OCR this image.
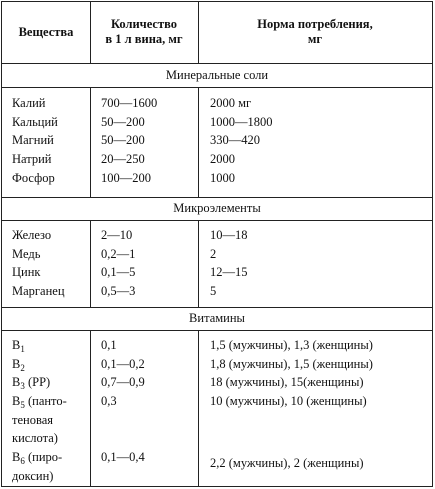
Вещества
Количество
в 1 л вина, мг
Норма потребления,
мг
Минеральные соли
Микроэлементы
Витамины
Калий
Кальций
Магний
Натрий
Фосфор
700—1600
50—200
50—200
20—250
100—200
2000 мг
1000—1800
330—420
2000
1000
Железо
Медь
Цинк
Марганец
2—10
0,2—1
0,1—5
0,5—3
10—18
2
12—15
5
$B_1$
$B_2$
$B_3$ (PP)
$B_5$ (панто-
теновая
кислота)
$B_6$ (пиро-
доксин)
0,1
0,1—0,2
0,7—0,9
0,3
0,1—0,4
1,5 (мужчины), 1,3 (женщины)
1,8 (мужчины), 1,5 (женщины)
18 (мужчины), 15(женщины)
10 (мужчины), 10 (женщины)
2,2 (мужчины), 2 (женщины)
